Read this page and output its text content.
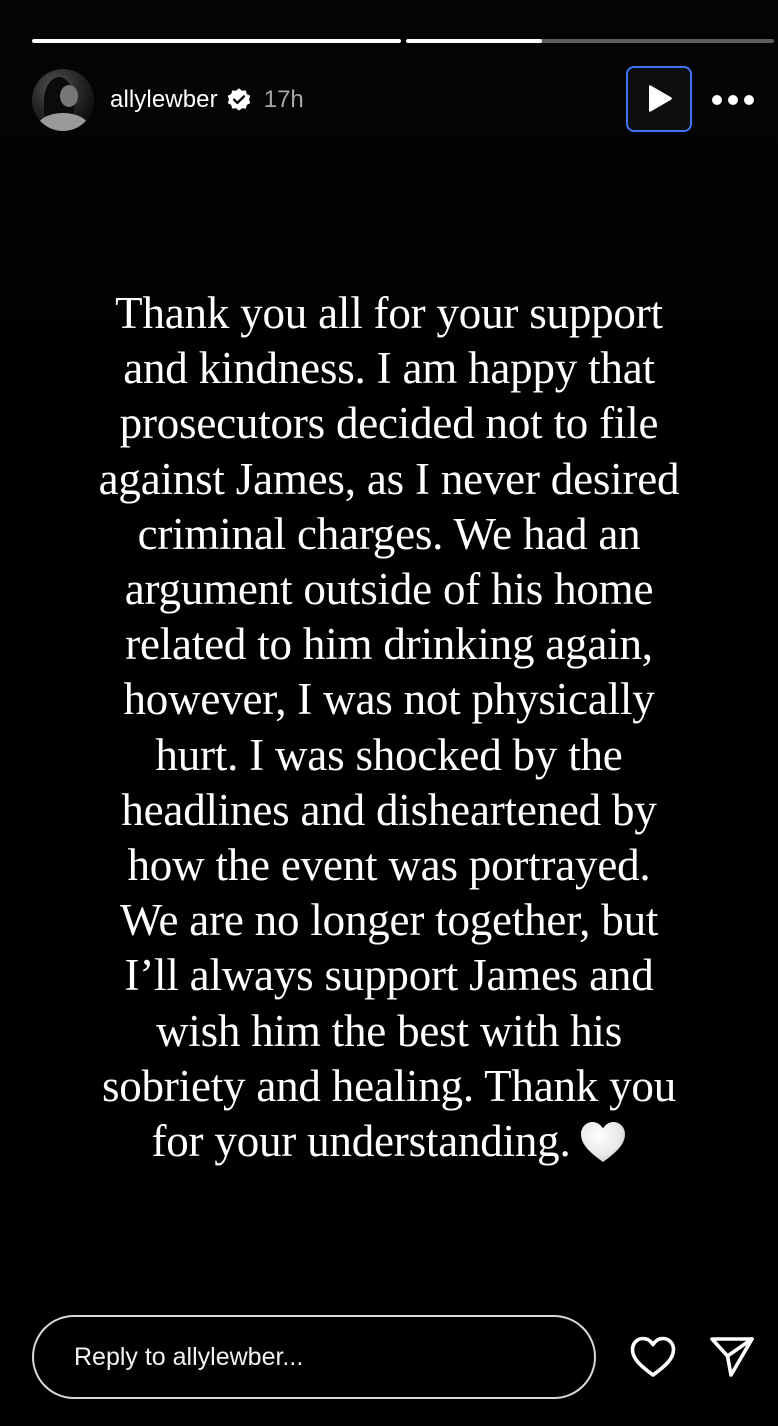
allylewber 17h
Thank you all for your support
and kindness. I am happy that
prosecutors decided not to file
against James, as I never desired
criminal charges. We had an
argument outside of his home
related to him drinking again,
however, I was not physically
hurt. I was shocked by the
headlines and disheartened by
how the event was portrayed.
We are no longer together, but
I’ll always support James and
wish him the best with his
sobriety and healing. Thank you
for your understanding.
Reply to allylewber...
